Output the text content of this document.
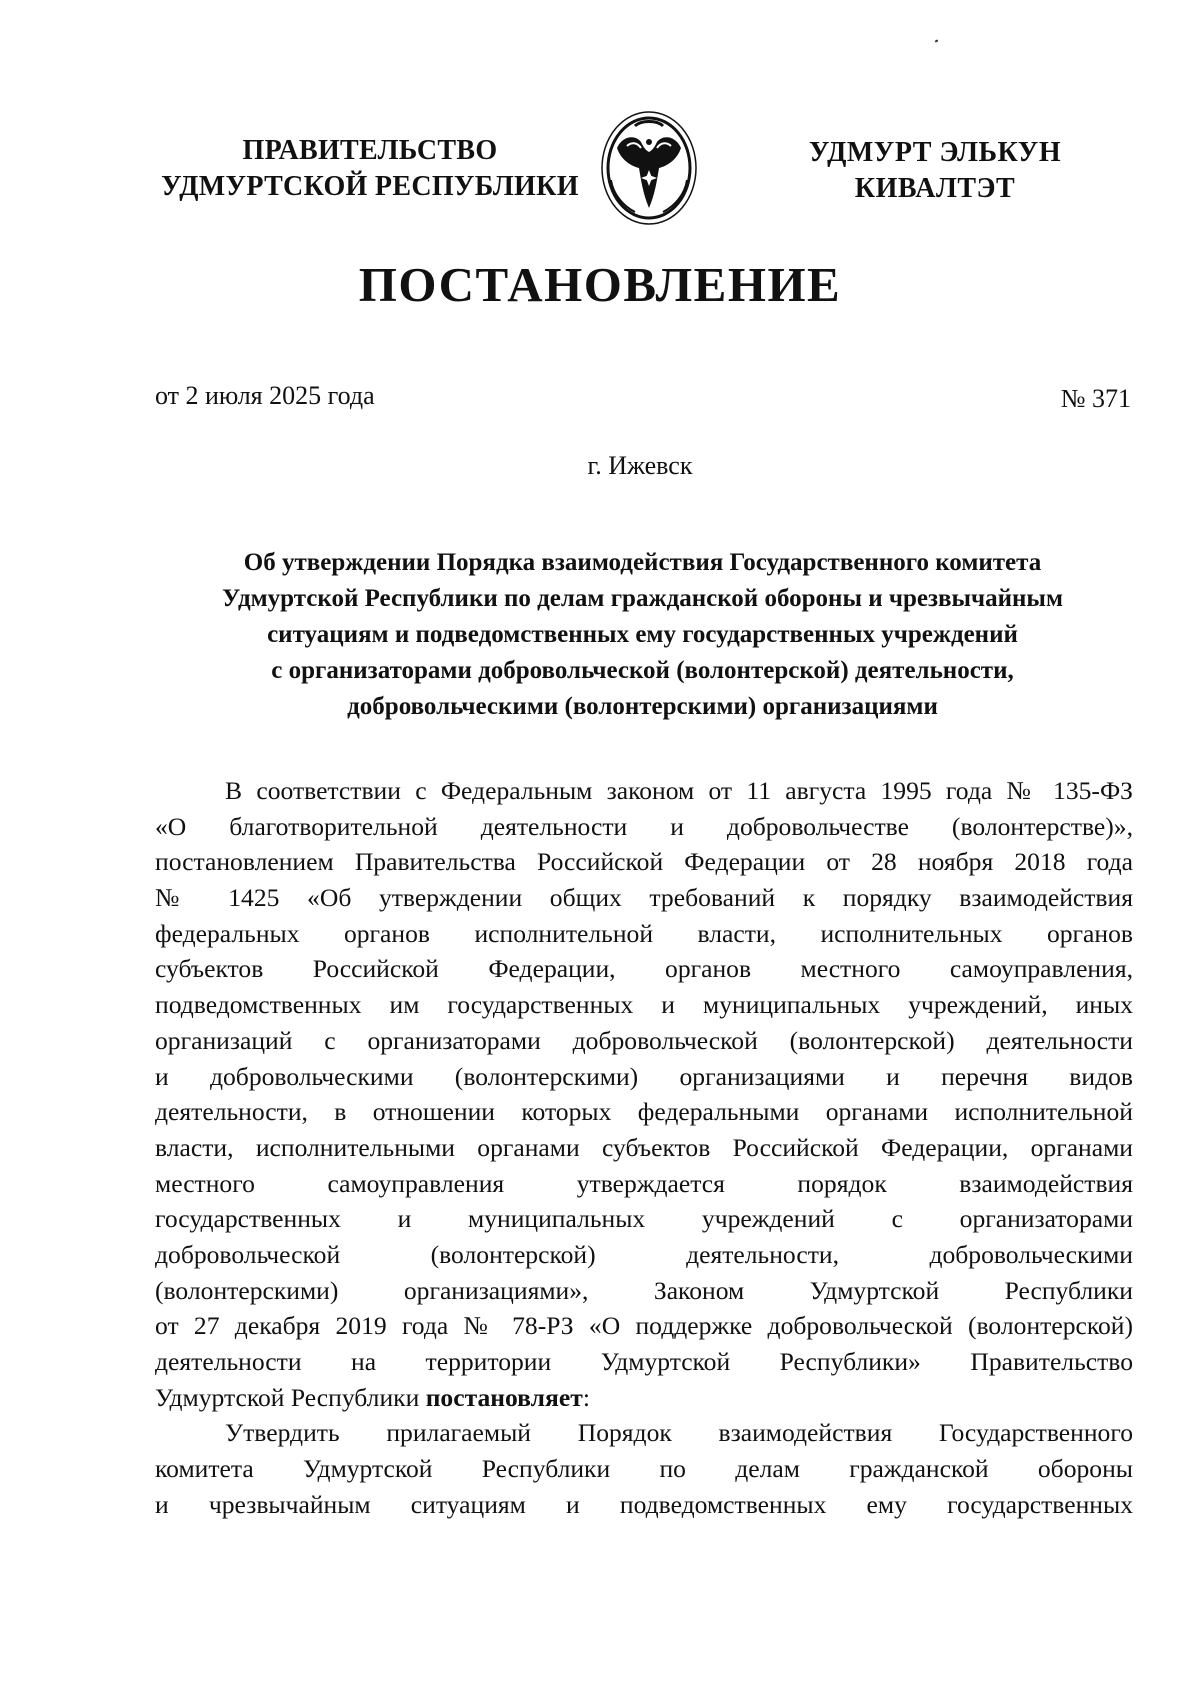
ПРАВИТЕЛЬСТВО
УДМУРТСКОЙ РЕСПУБЛИКИ
УДМУРТ ЭЛЬКУН
КИВАЛТЭТ
ПОСТАНОВЛЕНИЕ
от 2 июля 2025 года	№ 371
г. Ижевск
Об утверждении Порядка взаимодействия Государственного комитета
Удмуртской Республики по делам гражданской обороны и чрезвычайным
ситуациям и подведомственных ему государственных учреждений
с организаторами добровольческой (волонтерской) деятельности,
добровольческими (волонтерскими) организациями
В соответствии с Федеральным законом от 11 августа 1995 года № 135-ФЗ
«О благотворительной деятельности и добровольчестве (волонтерстве)»,
постановлением Правительства Российской Федерации от 28 ноября 2018 года
№ 1425 «Об утверждении общих требований к порядку взаимодействия
федеральных органов исполнительной власти, исполнительных органов
субъектов Российской Федерации, органов местного самоуправления,
подведомственных им государственных и муниципальных учреждений, иных
организаций с организаторами добровольческой (волонтерской) деятельности
и добровольческими (волонтерскими) организациями и перечня видов
деятельности, в отношении которых федеральными органами исполнительной
власти, исполнительными органами субъектов Российской Федерации, органами
местного самоуправления утверждается порядок взаимодействия
государственных и муниципальных учреждений с организаторами
добровольческой (волонтерской) деятельности, добровольческими
(волонтерскими) организациями», Законом Удмуртской Республики
от 27 декабря 2019 года № 78-РЗ «О поддержке добровольческой (волонтерской)
деятельности на территории Удмуртской Республики» Правительство
Удмуртской Республики постановляет:
Утвердить прилагаемый Порядок взаимодействия Государственного
комитета Удмуртской Республики по делам гражданской обороны
и чрезвычайным ситуациям и подведомственных ему государственных
